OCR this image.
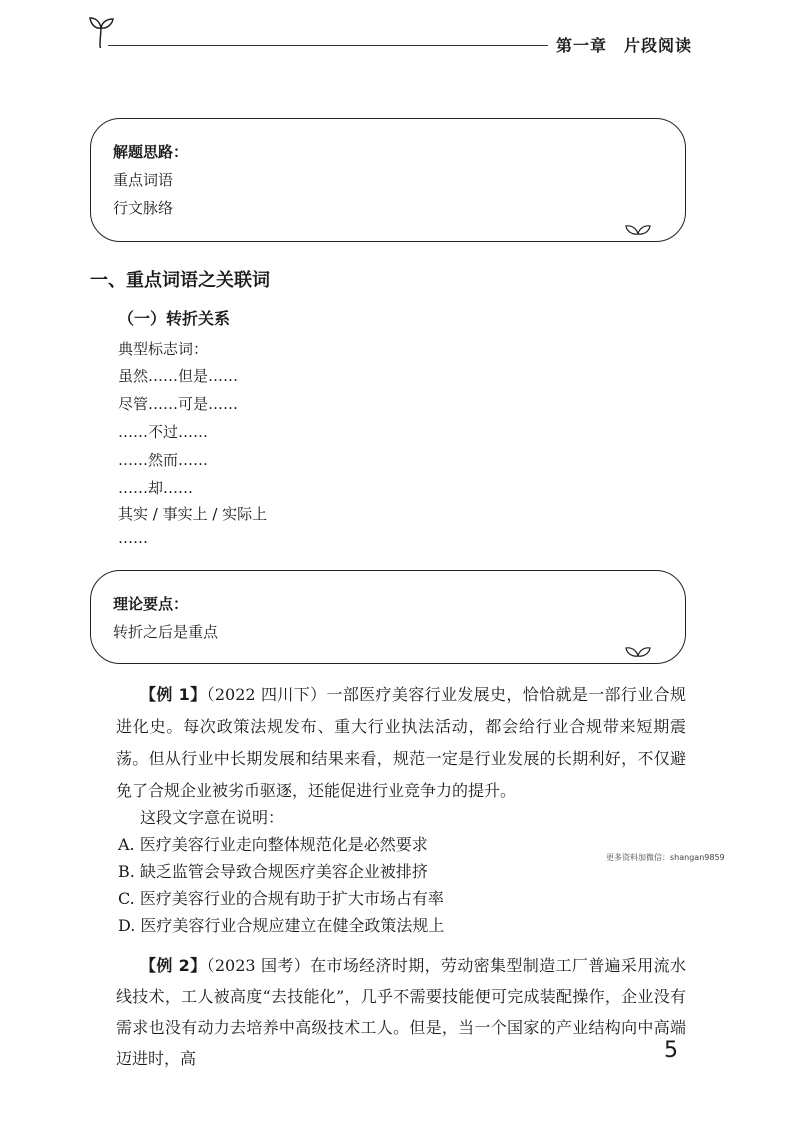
第一章　片段阅读
解题思路：
重点词语
行文脉络
一、重点词语之关联词
（一）转折关系
典型标志词：
虽然……但是……
尽管……可是……
……不过……
……然而……
……却……
其实 / 事实上 / 实际上
……
理论要点：
转折之后是重点

【例 1】（2022 四川下）一部医疗美容行业发展史，恰恰就是一部行业合规进化史。每次政策法规发布、重大行业执法活动，都会给行业合规带来短期震荡。但从行业中长期发展和结果来看，规范一定是行业发展的长期利好，不仅避免了合规企业被劣币驱逐，还能促进行业竞争力的提升。

这段文字意在说明：
A. 医疗美容行业走向整体规范化是必然要求
B. 缺乏监管会导致合规医疗美容企业被排挤
C. 医疗美容行业的合规有助于扩大市场占有率
D. 医疗美容行业合规应建立在健全政策法规上
更多资料加微信：shangan9859

【例 2】（2023 国考）在市场经济时期，劳动密集型制造工厂普遍采用流水线技术，工人被高度“去技能化”，几乎不需要技能便可完成装配操作，企业没有需求也没有动力去培养中高级技术工人。但是，当一个国家的产业结构向中高端迈进时，高	5
